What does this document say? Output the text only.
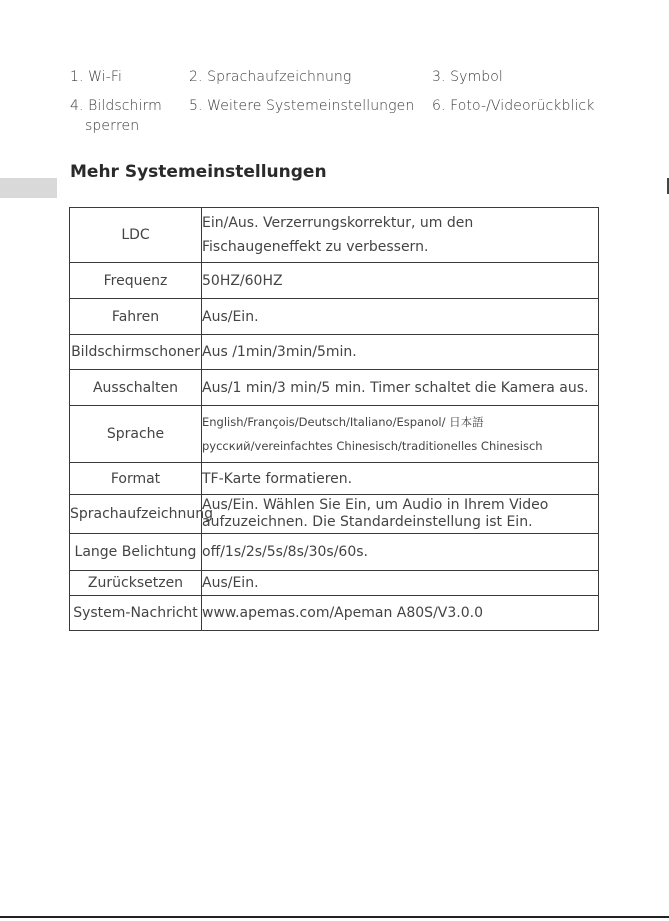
1. Wi-Fi	2. Sprachaufzeichnung	3. Symbol
4. Bildschirm
sperren
5. Weitere Systemeinstellungen 6. Foto-/Videorückblick
Mehr Systemeinstellungen
LDC	Ein/Aus. Verzerrungskorrektur, um den
Fischaugeneffekt zu verbessern.

Frequenz	50HZ/60HZ
Fahren	Aus/Ein.
Bildschirmschoner	Aus /1min/3min/5min.
Ausschalten	Aus/1 min/3 min/5 min. Timer schaltet die Kamera aus.
Sprache	English/François/Deutsch/Italiano/Espanol/ 日本語
русский/vereinfachtes Chinesisch/traditionelles Chinesisch

Format	TF-Karte formatieren.
Sprachaufzeichnung	Aus/Ein. Wählen Sie Ein, um Audio in Ihrem Video
aufzuzeichnen. Die Standardeinstellung ist Ein.

Lange Belichtung	off/1s/2s/5s/8s/30s/60s.
Zurücksetzen	Aus/Ein.
System-Nachricht	www.apemas.com/Apeman A80S/V3.0.0
